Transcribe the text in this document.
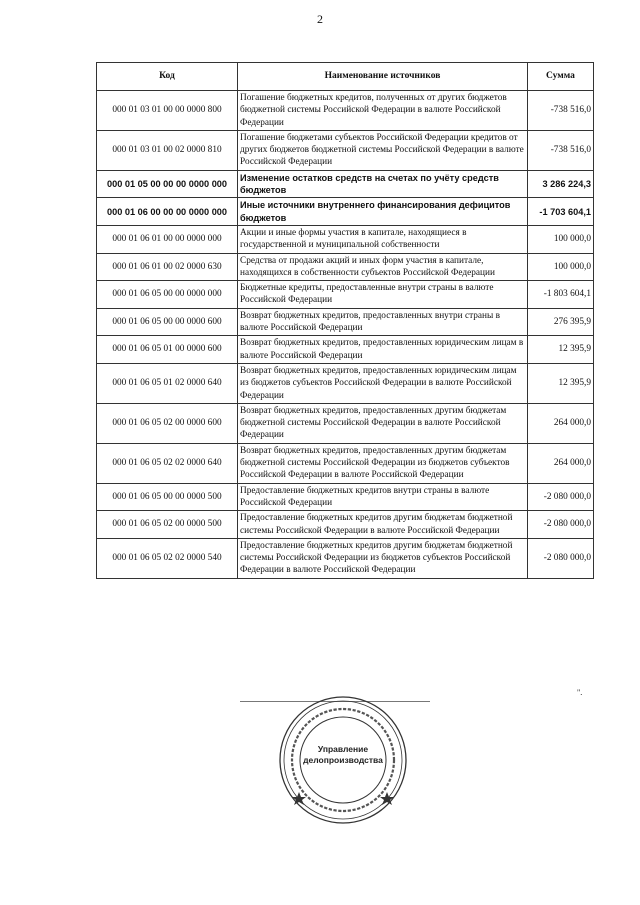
2
Код	Наименование источников	Сумма
000 01 03 01 00 00 0000 800	Погашение бюджетных кредитов, полученных от других бюджетов бюджетной системы Российской Федерации в валюте Российской Федерации	-738 516,0
000 01 03 01 00 02 0000 810	Погашение бюджетами субъектов Российской Федерации кредитов от других бюджетов бюджетной системы Российской Федерации в валюте Российской Федерации	-738 516,0
000 01 05 00 00 00 0000 000	Изменение остатков средств на счетах по учёту средств бюджетов	3 286 224,3
000 01 06 00 00 00 0000 000	Иные источники внутреннего финансирования дефицитов бюджетов	-1 703 604,1
000 01 06 01 00 00 0000 000	Акции и иные формы участия в капитале, находящиеся в государственной и муниципальной собственности	100 000,0
000 01 06 01 00 02 0000 630	Средства от продажи акций и иных форм участия в капитале, находящихся в собственности субъектов Российской Федерации	100 000,0
000 01 06 05 00 00 0000 000	Бюджетные кредиты, предоставленные внутри страны в валюте Российской Федерации	-1 803 604,1
000 01 06 05 00 00 0000 600	Возврат бюджетных кредитов, предоставленных внутри страны в валюте Российской Федерации	276 395,9
000 01 06 05 01 00 0000 600	Возврат бюджетных кредитов, предоставленных юридическим лицам в валюте Российской Федерации	12 395,9
000 01 06 05 01 02 0000 640	Возврат бюджетных кредитов, предоставленных юридическим лицам из бюджетов субъектов Российской Федерации в валюте Российской Федерации	12 395,9
000 01 06 05 02 00 0000 600	Возврат бюджетных кредитов, предоставленных другим бюджетам бюджетной системы Российской Федерации в валюте Российской Федерации	264 000,0
000 01 06 05 02 02 0000 640	Возврат бюджетных кредитов, предоставленных другим бюджетам бюджетной системы Российской Федерации из бюджетов субъектов Российской Федерации в валюте Российской Федерации	264 000,0
000 01 06 05 00 00 0000 500	Предоставление бюджетных кредитов внутри страны в валюте Российской Федерации	-2 080 000,0
000 01 06 05 02 00 0000 500	Предоставление бюджетных кредитов другим бюджетам бюджетной системы Российской Федерации в валюте Российской Федерации	-2 080 000,0
000 01 06 05 02 02 0000 540	Предоставление бюджетных кредитов другим бюджетам бюджетной системы Российской Федерации из бюджетов субъектов Российской Федерации в валюте Российской Федерации	-2 080 000,0
".
Управление
делопроизводства
